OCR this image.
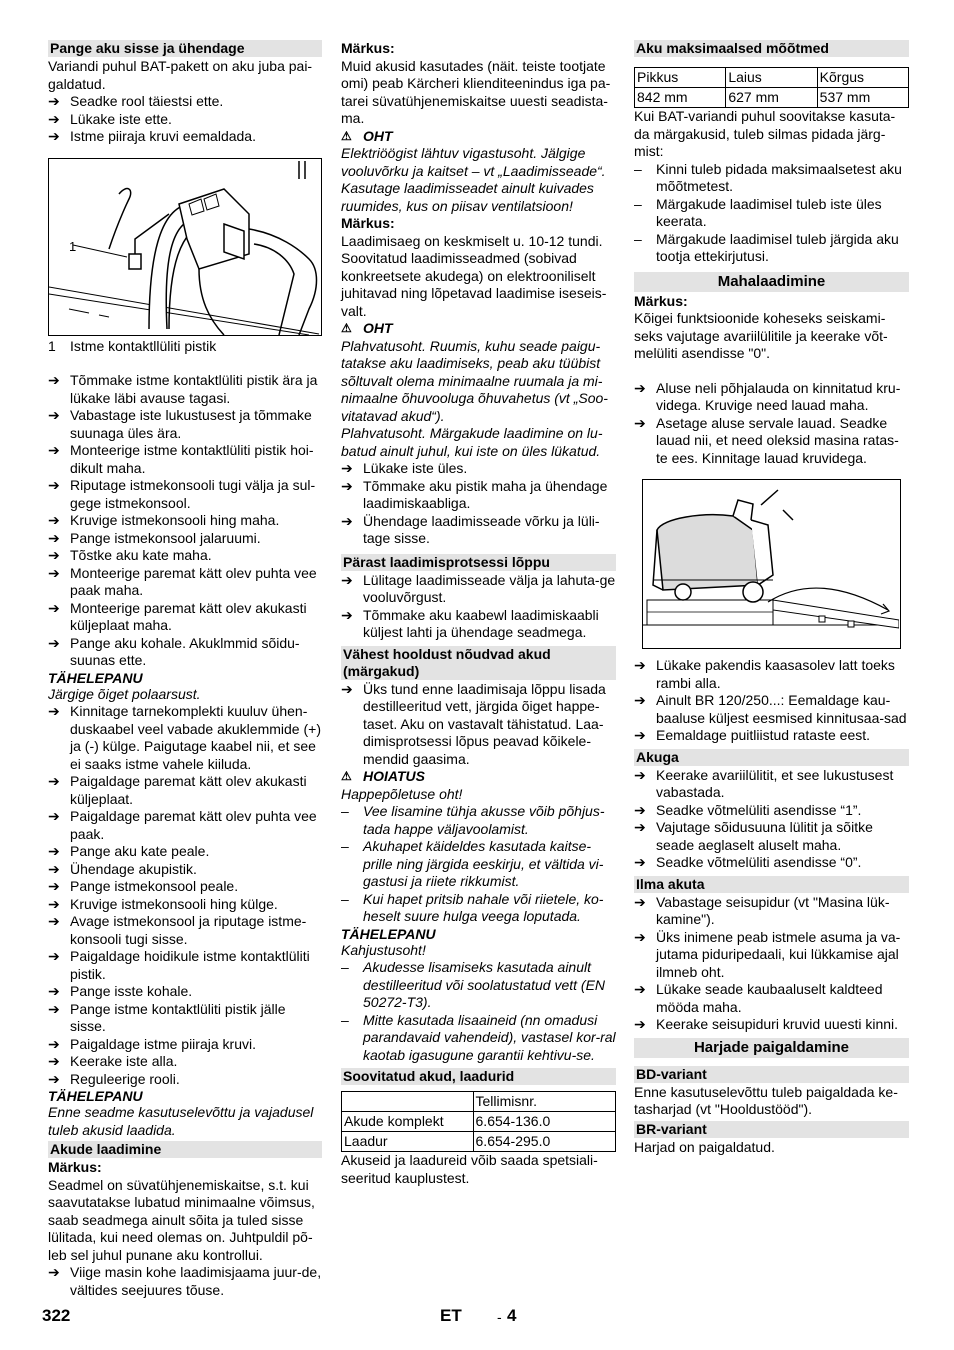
Pange aku sisse ja ühendage

Variandi puhul BAT-pakett on aku juba pai-galdatud.

➔ Seadke rool täiestsi ette.
➔ Lükake iste ette.
➔ Istme piiraja kruvi eemaldada.
1
1	Istme kontaktllüliti pistik
➔ Tõmmake istme kontaktlüliti pistik ära ja lükake läbi avause tagasi.
➔ Vabastage iste lukustusest ja tõmmake suunaga üles ära.
➔ Monteerige istme kontaktlüliti pistik hoi-dikult maha.
➔ Riputage istmekonsooli tugi välja ja sul-gege istmekonsool.
➔ Kruvige istmekonsooli hing maha.
➔ Pange istmekonsool jalaruumi.
➔ Tõstke aku kate maha.
➔ Monteerige paremat kätt olev puhta vee paak maha.
➔ Monteerige paremat kätt olev akukasti küljeplaat maha.
➔ Pange aku kohale. Akuklmmid sõidu-suunas ette.
TÄHELEPANU
Järgige õiget polaarsust.
➔ Kinnitage tarnekomplekti kuuluv ühen-duskaabel veel vabade akuklemmide (+) ja (-) külge. Paigutage kaabel nii, et see ei saaks istme vahele kiiluda.
➔ Paigaldage paremat kätt olev akukasti küljeplaat.
➔ Paigaldage paremat kätt olev puhta vee paak.
➔ Pange aku kate peale.
➔ Ühendage akupistik.
➔ Pange istmekonsool peale.
➔ Kruvige istmekonsooli hing külge.
➔ Avage istmekonsool ja riputage istme-konsooli tugi sisse.
➔ Paigaldage hoidikule istme kontaktlüliti pistik.
➔ Pange isste kohale.
➔ Pange istme kontaktlüliti pistik jälle sisse.
➔ Paigaldage istme piiraja kruvi.
➔ Keerake iste alla.
➔ Reguleerige rooli.
TÄHELEPANU
Enne seadme kasutuselevõttu ja vajadusel tuleb akusid laadida.
Akude laadimine
Märkus:

Seadmel on süvatühjenemiskaitse, s.t. kui saavutatakse lubatud minimaalne võimsus, saab seadmega ainult sõita ja tuled sisse lülitada, kui need olemas on. Juhtpuldil põ-leb sel juhul punane aku kontrollui.

➔ Viige masin kohe laadimisjaama juur-de, vältides seejuures tõuse.
Märkus:

Muid akusid kasutades (näit. teiste tootjate omi) peab Kärcheri klienditeenindus iga pa-tarei süvatühjenemiskaitse uuesti seadista-ma.

⚠ OHT
Elektriöögist lähtuv vigastusoht. Jälgige vooluvõrku ja kaitset – vt „Laadimisseade“. Kasutage laadimisseadet ainult kuivades ruumides, kus on piisav ventilatsioon!
Märkus:

Laadimisaeg on keskmiselt u. 10-12 tundi. Soovitatud laadimisseadmed (sobivad konkreetsete akudega) on elektrooniliselt juhitavad ning lõpetavad laadimise iseseis-valt.

⚠ OHT
Plahvatusoht. Ruumis, kuhu seade paigu-tatakse aku laadimiseks, peab aku tüübist sõltuvalt olema minimaalne ruumala ja mi-nimaalne õhuvooluga õhuvahetus (vt „Soo-vitatavad akud“).
Plahvatusoht. Märgakude laadimine on lu-batud ainult juhul, kui iste on üles lükatud.
➔ Lükake iste üles.
➔ Tõmmake aku pistik maha ja ühendage laadimiskaabliga.
➔ Ühendage laadimisseade võrku ja lüli-tage sisse.
Pärast laadimisprotsessi lõppu
➔ Lülitage laadimisseade välja ja lahuta-ge vooluvõrgust.
➔ Tõmmake aku kaabewl laadimiskaabli küljest lahti ja ühendage seadmega.
Vähest hooldust nõudvad akud (märgakud)
➔ Üks tund enne laadimisaja lõppu lisada destilleeritud vett, järgida õiget happe-taset. Aku on vastavalt tähistatud. Laa-dimisprotsessi lõpus peavad kõikele-mendid gaasima.
⚠ HOIATUS
Happepõletuse oht!
–	Vee lisamine tühja akusse võib põhjus-tada happe väljavoolamist.
–	Akuhapet käideldes kasutada kaitse-prille ning järgida eeskirju, et vältida vi-gastusi ja riiete rikkumist.
–	Kui hapet pritsib nahale või riietele, ko-heselt suure hulga veega loputada.
TÄHELEPANU
Kahjustusoht!
–	Akudesse lisamiseks kasutada ainult destilleeritud või soolatustatud vett (EN 50272-T3).
–	Mitte kasutada lisaaineid (nn omadusi parandavaid vahendeid), vastasel kor-ral kaotab igasugune garantii kehtivu-se.
Soovitatud akud, laadurid
	Tellimisnr.
Akude komplekt	6.654-136.0
Laadur	6.654-295.0

Akuseid ja laadureid võib saada spetsiali-seeritud kauplustest.

Aku maksimaalsed mõõtmed
Pikkus	Laius	Kõrgus
842 mm	627 mm	537 mm

Kui BAT-variandi puhul soovitakse kasuta-da märgakusid, tuleb silmas pidada järg-mist:

–	Kinni tuleb pidada maksimaalsetest aku mõõtmetest.
–	Märgakude laadimisel tuleb iste üles keerata.
–	Märgakude laadimisel tuleb järgida aku tootja ettekirjutusi.
Mahalaadimine
Märkus:

Kõigei funktsioonide koheseks seiskami-seks vajutage avariilülitile ja keerake võt-melüliti asendisse "0".

➔ Aluse neli põhjalauda on kinnitatud kru-videga. Kruvige need lauad maha.
➔ Asetage aluse servale lauad. Seadke lauad nii, et need oleksid masina ratas-te ees. Kinnitage lauad kruvidega.
➔ Lükake pakendis kaasasolev latt toeks rambi alla.
➔ Ainult BR 120/250...: Eemaldage kau-baaluse küljest eesmised kinnitusaa-sad
➔ Eemaldage puitliistud rataste eest.
Akuga
➔ Keerake avariilülitit, et see lukustusest vabastada.
➔ Seadke võtmelüliti asendisse “1”.
➔ Vajutage sõidusuuna lülitit ja sõitke seade aeglaselt aluselt maha.
➔ Seadke võtmelüliti asendisse “0”.
Ilma akuta
➔ Vabastage seisupidur (vt "Masina lük-kamine").
➔ Üks inimene peab istmele asuma ja va-jutama piduripedaali, kui lükkamise ajal ilmneb oht.
➔ Lükake seade kaubaaluselt kaldteed mööda maha.
➔ Keerake seisupiduri kruvid uuesti kinni.
Harjade paigaldamine
BD-variant

Enne kasutuselevõttu tuleb paigaldada ke-tasharjad (vt "Hooldustööd").

BR-variant

Harjad on paigaldatud.

322	ET	- 4
